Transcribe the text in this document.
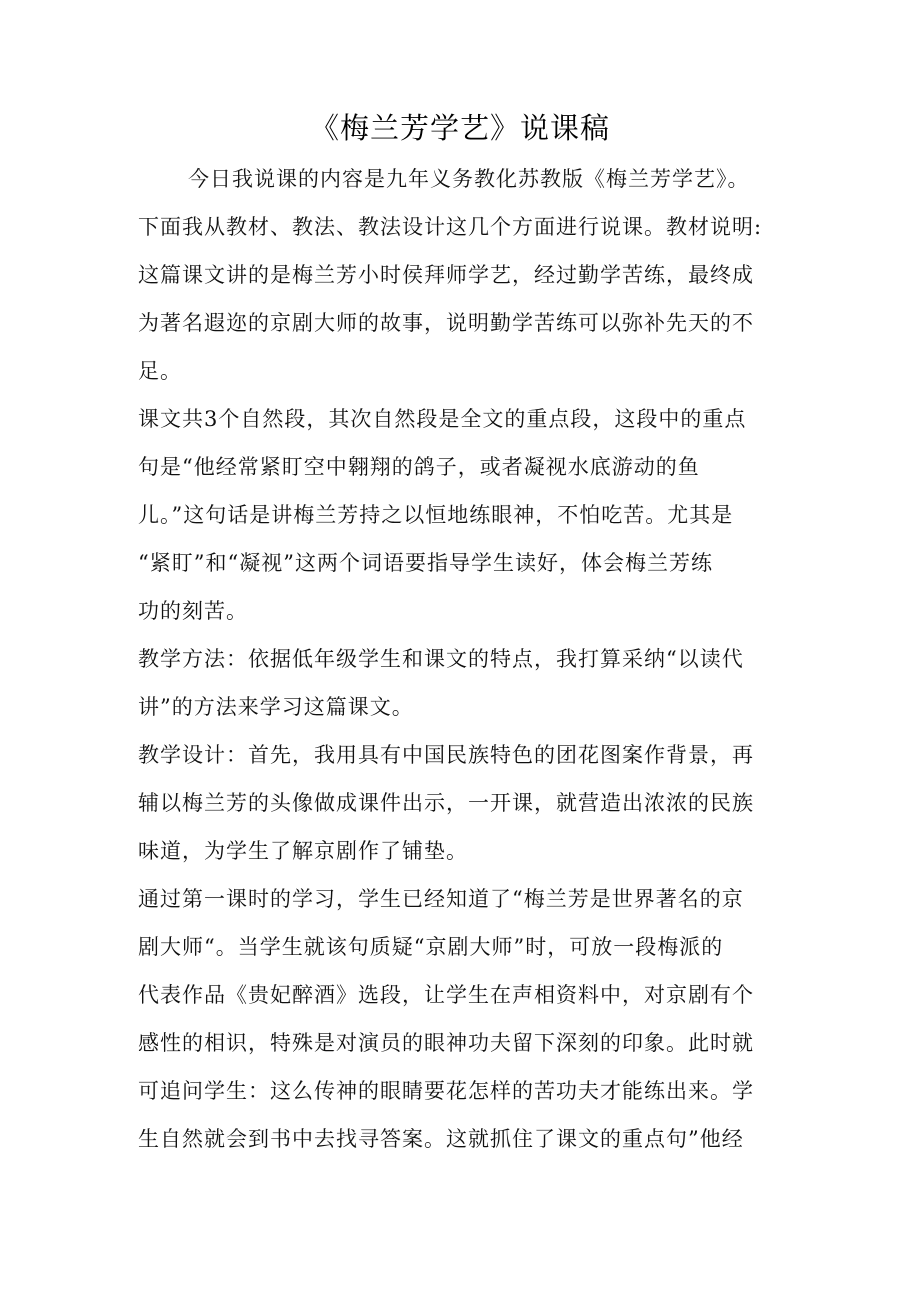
《梅兰芳学艺》说课稿
今日我说课的内容是九年义务教化苏教版《梅兰芳学艺》。
下面我从教材、教法、教法设计这几个方面进行说课。教材说明:
这篇课文讲的是梅兰芳小时侯拜师学艺，经过勤学苦练，最终成
为著名遐迩的京剧大师的故事，说明勤学苦练可以弥补先天的不
足。
课文共3个自然段，其次自然段是全文的重点段，这段中的重点
句是“他经常紧盯空中翱翔的鸽子，或者凝视水底游动的鱼
儿。”这句话是讲梅兰芳持之以恒地练眼神，不怕吃苦。尤其是
“紧盯”和“凝视”这两个词语要指导学生读好，体会梅兰芳练
功的刻苦。
教学方法：依据低年级学生和课文的特点，我打算采纳“以读代
讲”的方法来学习这篇课文。
教学设计：首先，我用具有中国民族特色的团花图案作背景，再
辅以梅兰芳的头像做成课件出示，一开课，就营造出浓浓的民族
味道，为学生了解京剧作了铺垫。
通过第一课时的学习，学生已经知道了“梅兰芳是世界著名的京
剧大师“。当学生就该句质疑“京剧大师”时，可放一段梅派的
代表作品《贵妃醉酒》选段，让学生在声相资料中，对京剧有个
感性的相识，特殊是对演员的眼神功夫留下深刻的印象。此时就
可追问学生：这么传神的眼睛要花怎样的苦功夫才能练出来。学
生自然就会到书中去找寻答案。这就抓住了课文的重点句”他经
